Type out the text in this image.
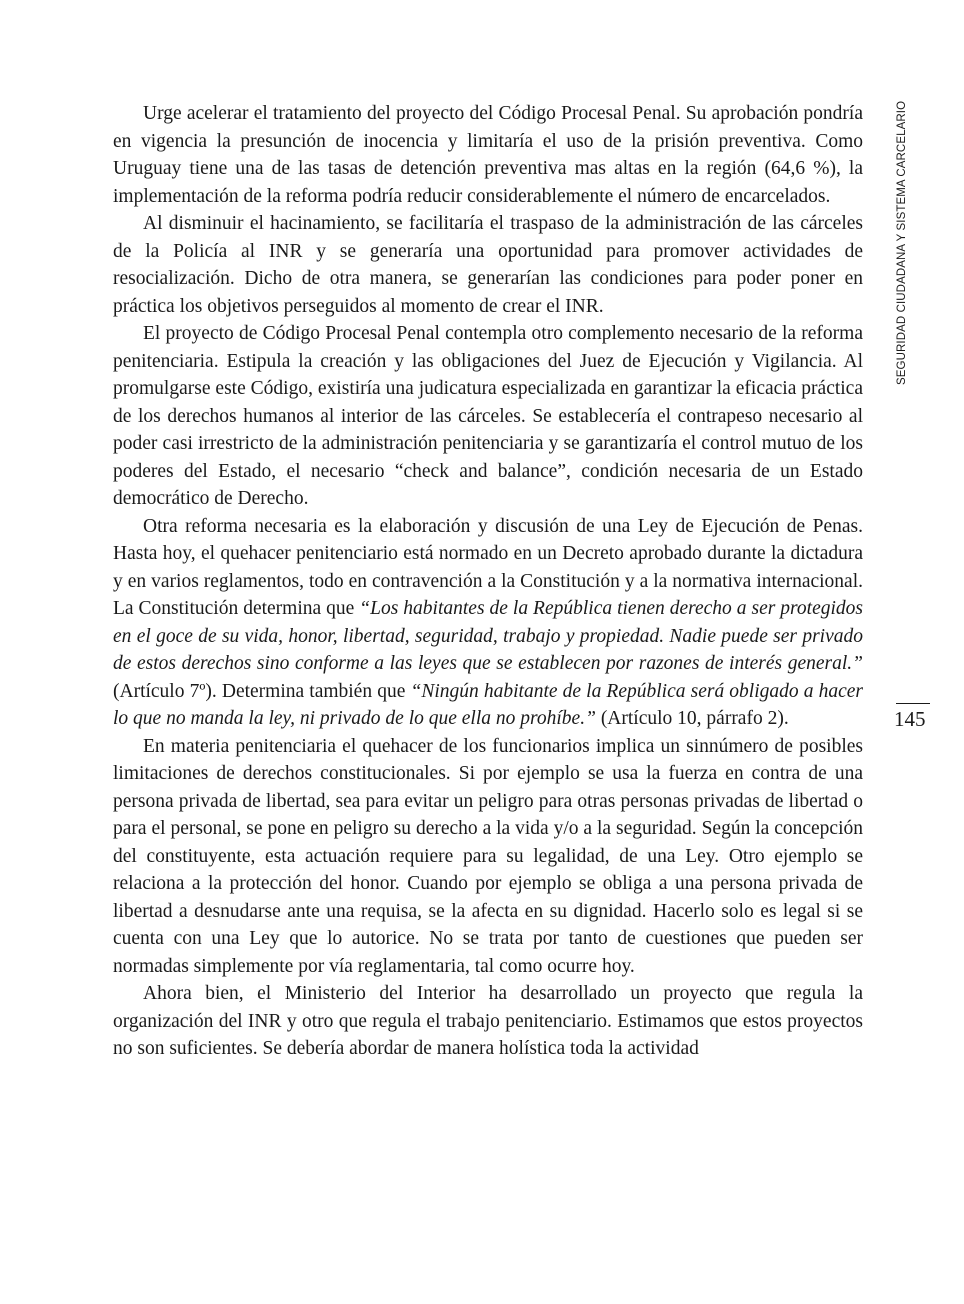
Urge acelerar el tratamiento del proyecto del Código Procesal Penal. Su aprobación pondría en vigencia la presunción de inocencia y limitaría el uso de la prisión preventiva. Como Uruguay tiene una de las tasas de detención preventiva mas altas en la región (64,6 %), la implementación de la reforma podría reducir considerablemente el número de encarcelados.

Al disminuir el hacinamiento, se facilitaría el traspaso de la administración de las cárceles de la Policía al INR y se generaría una oportunidad para promover actividades de resocialización. Dicho de otra manera, se generarían las condiciones para poder poner en práctica los objetivos perseguidos al momento de crear el INR.

El proyecto de Código Procesal Penal contempla otro complemento necesario de la reforma penitenciaria. Estipula la creación y las obligaciones del Juez de Ejecución y Vigilancia. Al promulgarse este Código, existiría una judicatura especializada en garantizar la eficacia práctica de los derechos humanos al interior de las cárceles. Se establecería el contrapeso necesario al poder casi irrestricto de la administración penitenciaria y se garantizaría el control mutuo de los poderes del Estado, el necesario “check and balance”, condición necesaria de un Estado democrático de Derecho.

Otra reforma necesaria es la elaboración y discusión de una Ley de Ejecución de Penas. Hasta hoy, el quehacer penitenciario está normado en un Decreto aprobado durante la dictadura y en varios reglamentos, todo en contravención a la Constitución y a la normativa internacional. La Constitución determina que “Los habitantes de la República tienen derecho a ser protegidos en el goce de su vida, honor, libertad, seguridad, trabajo y propiedad. Nadie puede ser privado de estos derechos sino conforme a las leyes que se establecen por razones de interés general.” (Artículo 7º). Determina también que “Ningún habitante de la República será obligado a hacer lo que no manda la ley, ni privado de lo que ella no prohíbe.” (Artículo 10, párrafo 2).

En materia penitenciaria el quehacer de los funcionarios implica un sinnúmero de posibles limitaciones de derechos constitucionales. Si por ejemplo se usa la fuerza en contra de una persona privada de libertad, sea para evitar un peligro para otras personas privadas de libertad o para el personal, se pone en peligro su derecho a la vida y/o a la seguridad. Según la concepción del constituyente, esta actuación requiere para su legalidad, de una Ley. Otro ejemplo se relaciona a la protección del honor. Cuando por ejemplo se obliga a una persona privada de libertad a desnudarse ante una requisa, se la afecta en su dignidad. Hacerlo solo es legal si se cuenta con una Ley que lo autorice. No se trata por tanto de cuestiones que pueden ser normadas simplemente por vía reglamentaria, tal como ocurre hoy.

Ahora bien, el Ministerio del Interior ha desarrollado un proyecto que regula la organización del INR y otro que regula el trabajo penitenciario. Estimamos que estos proyectos no son suficientes. Se debería abordar de manera holística toda la actividad

SEGURIDAD CIUDADANA Y SISTEMA CARCELARIO
145
